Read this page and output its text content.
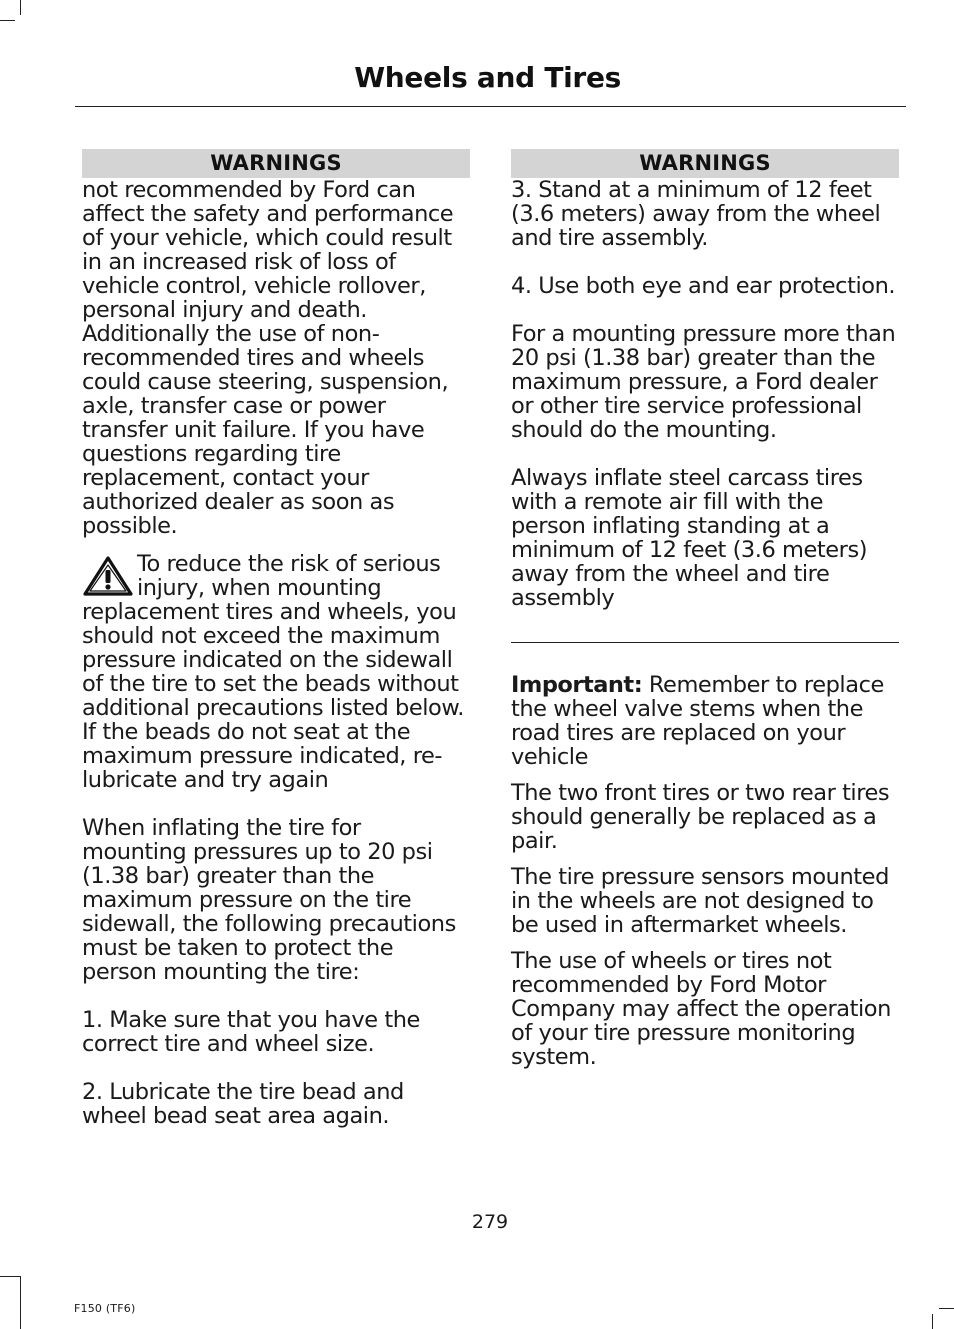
Wheels and Tires
WARNINGS

not recommended by Ford can affect the safety and performance of your vehicle, which could result in an increased risk of loss of vehicle control, vehicle rollover, personal injury and death. Additionally the use of non-recommended tires and wheels could cause steering, suspension, axle, transfer case or power transfer unit failure. If you have questions regarding tire replacement, contact your authorized dealer as soon as possible.

To reduce the risk of serious injury, when mounting replacement tires and wheels, you should not exceed the maximum pressure indicated on the sidewall of the tire to set the beads without additional precautions listed below. If the beads do not seat at the maximum pressure indicated, re-lubricate and try again

When inflating the tire for mounting pressures up to 20 psi (1.38 bar) greater than the maximum pressure on the tire sidewall, the following precautions must be taken to protect the person mounting the tire:

1. Make sure that you have the correct tire and wheel size.

2. Lubricate the tire bead and wheel bead seat area again.

WARNINGS

3. Stand at a minimum of 12 feet (3.6 meters) away from the wheel and tire assembly.

4. Use both eye and ear protection.

For a mounting pressure more than 20 psi (1.38 bar) greater than the maximum pressure, a Ford dealer or other tire service professional should do the mounting.

Always inflate steel carcass tires with a remote air fill with the person inflating standing at a minimum of 12 feet (3.6 meters) away from the wheel and tire assembly

Important: Remember to replace the wheel valve stems when the road tires are replaced on your vehicle

The two front tires or two rear tires should generally be replaced as a pair.

The tire pressure sensors mounted in the wheels are not designed to be used in aftermarket wheels.

The use of wheels or tires not recommended by Ford Motor Company may affect the operation of your tire pressure monitoring system.

279
F150 (TF6)
